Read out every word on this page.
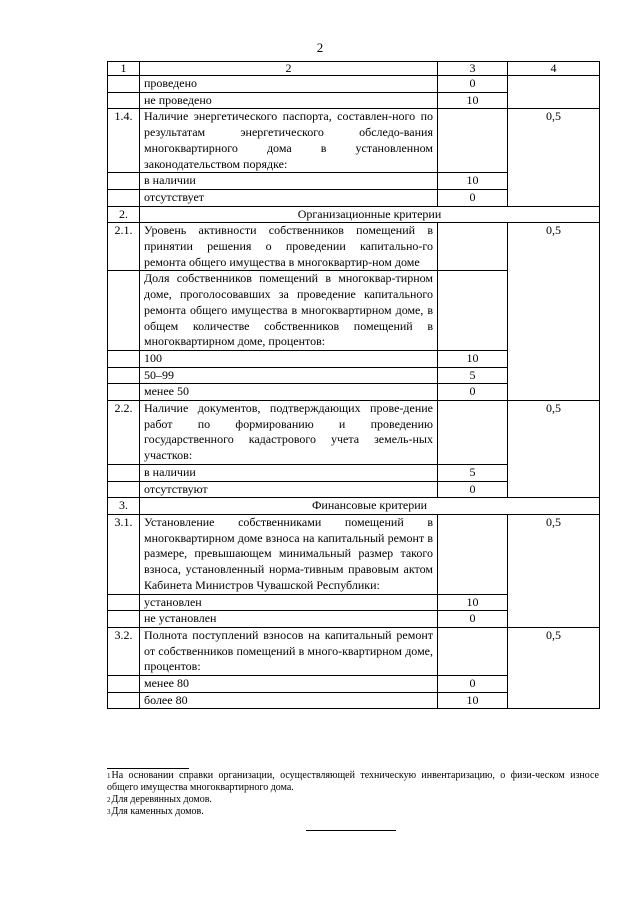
2
1	2	3	4
	проведено	0	
	не проведено	10	
1.4.	Наличие энергетического паспорта, составлен-ного по результатам энергетического обследо-вания многоквартирного дома в установленном законодательством порядке:		0,5
	в наличии	10	
	отсутствует	0	
2.	Организационные критерии		
2.1.	Уровень активности собственников помещений в принятии решения о проведении капитально-го ремонта общего имущества в многоквартир-ном доме		0,5
	Доля собственников помещений в многоквар-тирном доме, проголосовавших за проведение капитального ремонта общего имущества в многоквартирном доме, в общем количестве собственников помещений в многоквартирном доме, процентов:		
	100	10	
	50–99	5	
	менее 50	0	
2.2.	Наличие документов, подтверждающих прове-дение работ по формированию и проведению государственного кадастрового учета земель-ных участков:		0,5
	в наличии	5	
	отсутствуют	0	
3.	Финансовые критерии		
3.1.	Установление собственниками помещений в многоквартирном доме взноса на капитальный ремонт в размере, превышающем минимальный размер такого взноса, установленный норма-тивным правовым актом Кабинета Министров Чувашской Республики:		0,5
	установлен	10	
	не установлен	0	
3.2.	Полнота поступлений взносов на капитальный ремонт от собственников помещений в много-квартирном доме, процентов:		0,5
	менее 80	0	
	более 80	10	

$^1$На основании справки организации, осуществляющей техническую инвентаризацию, о физи-ческом износе общего имущества многоквартирного дома.

$^2$Для деревянных домов.

$^3$Для каменных домов.
